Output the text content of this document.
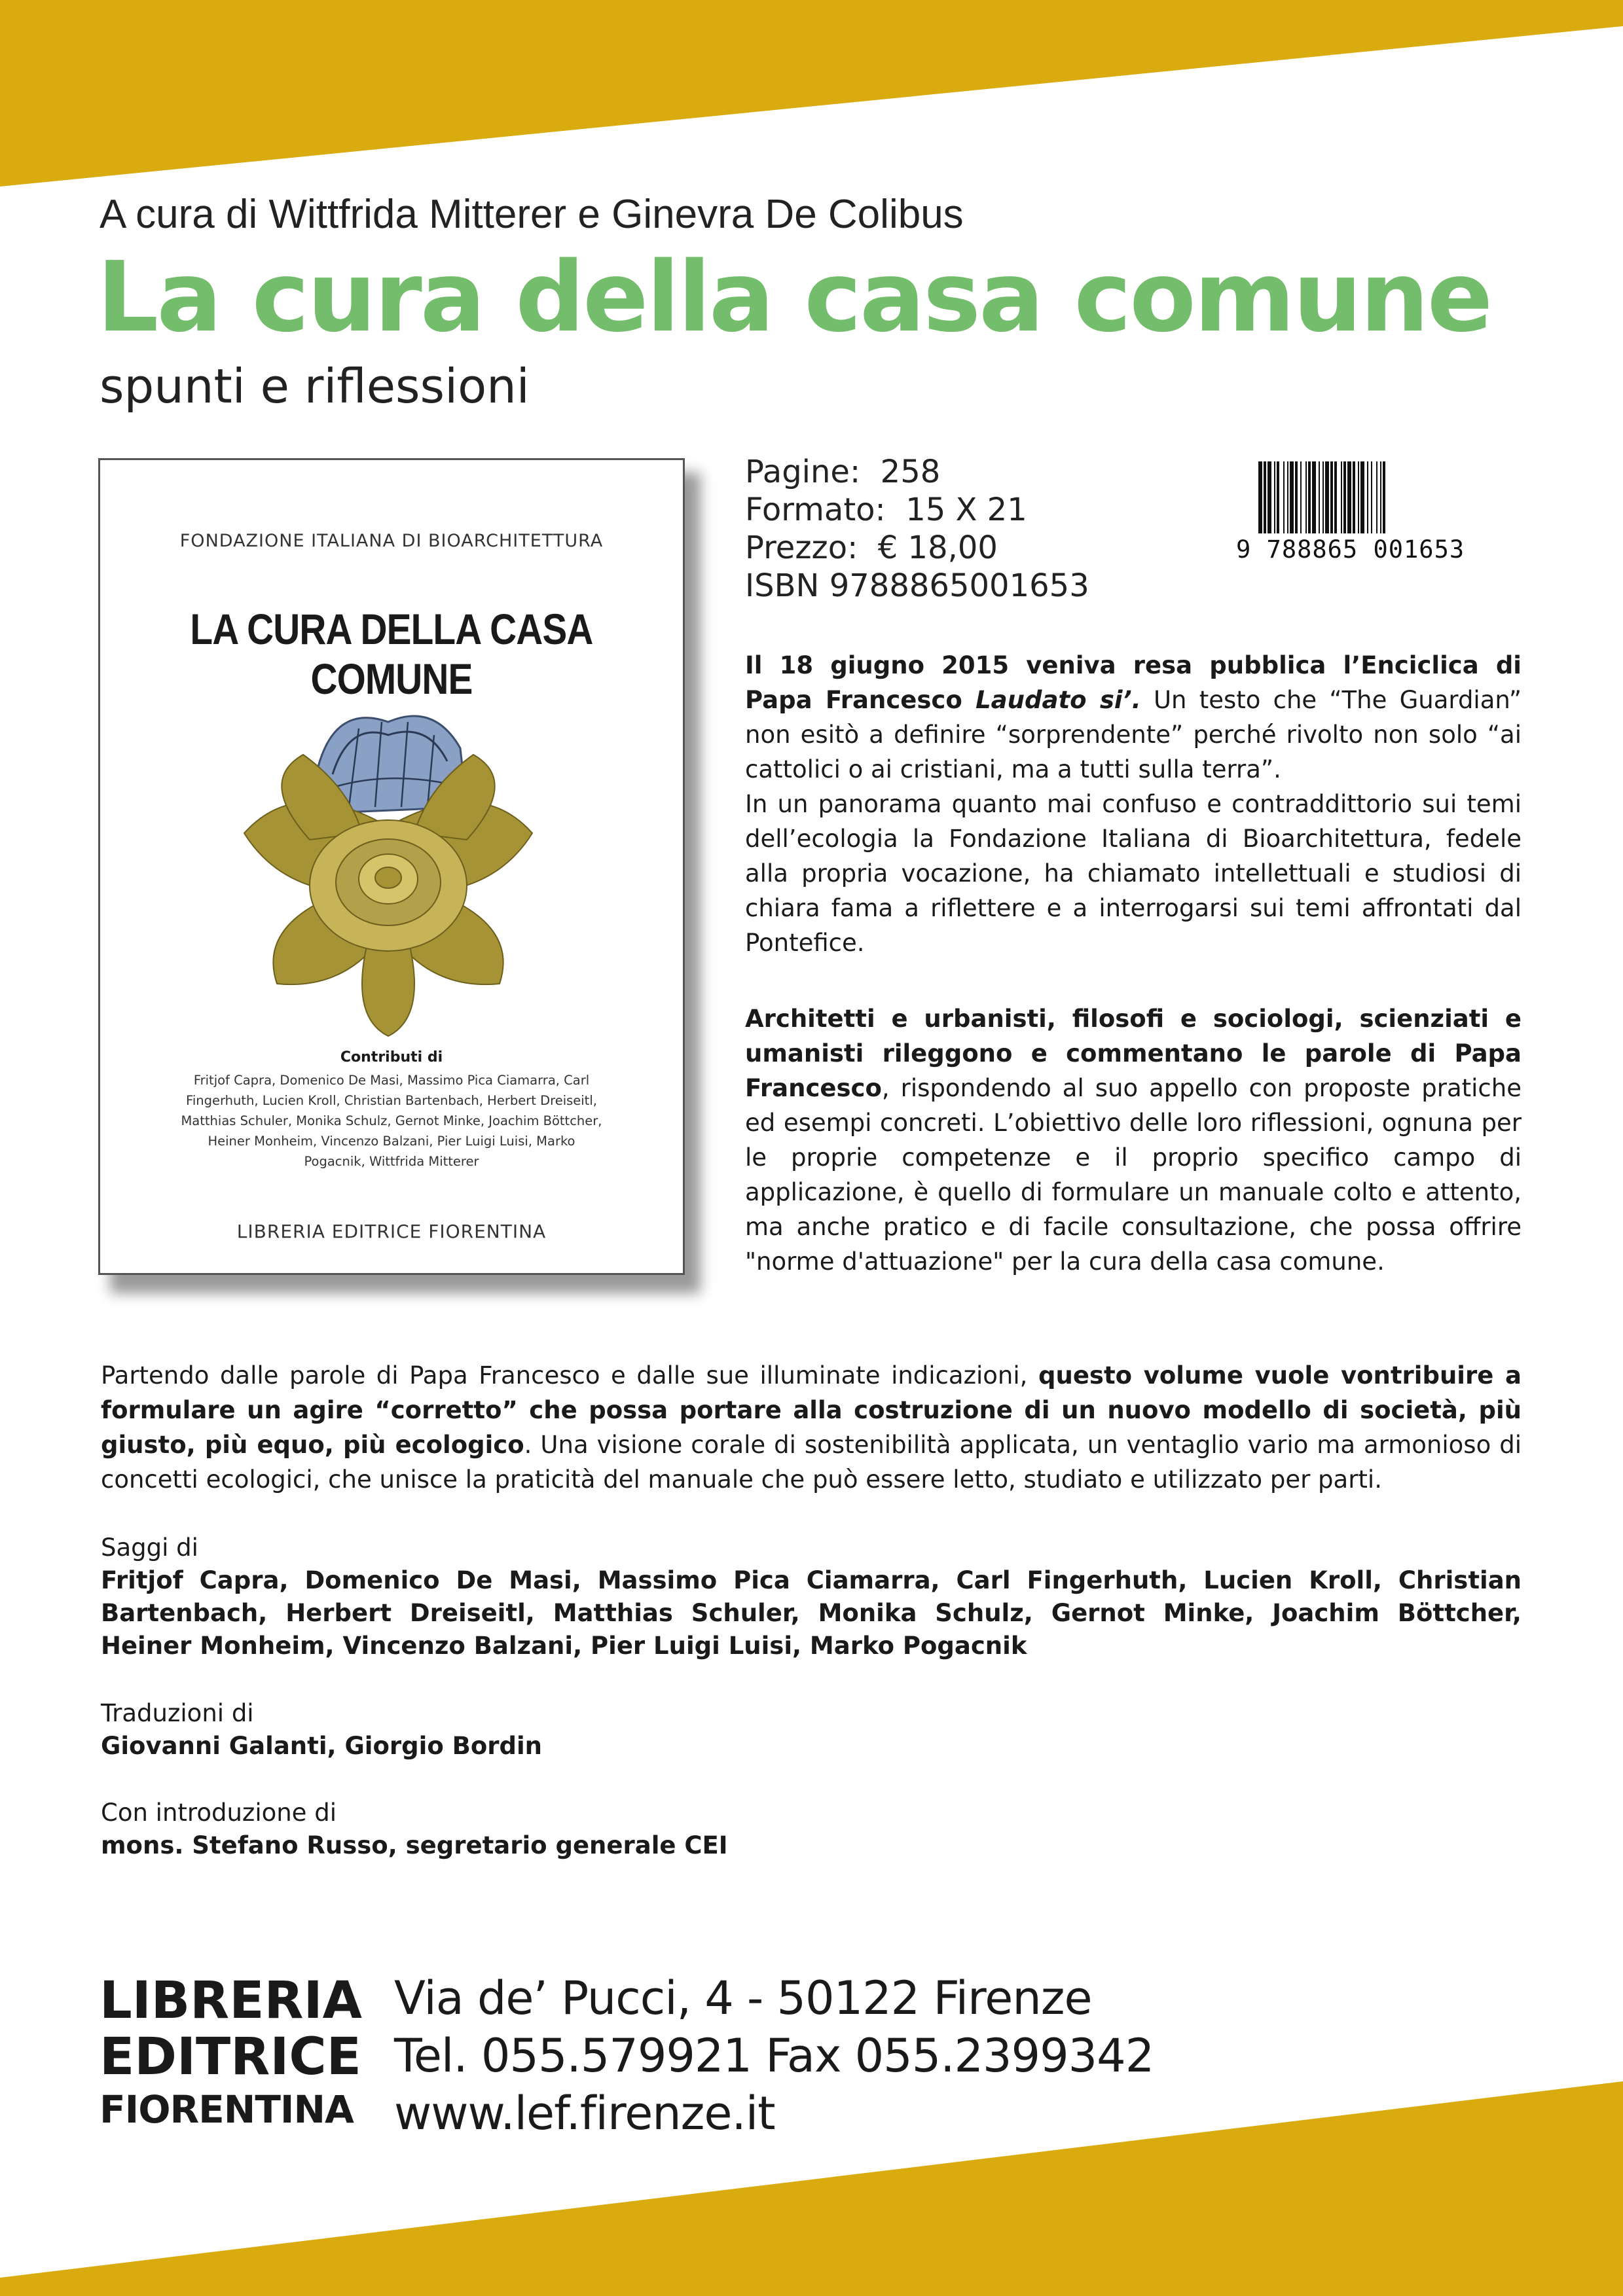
A cura di Wittfrida Mitterer e Ginevra De Colibus
La cura della casa comune
spunti e riflessioni
FONDAZIONE ITALIANA DI BIOARCHITETTURA
LA CURA DELLA CASA COMUNE
Contributi di
Fritjof Capra, Domenico De Masi, Massimo Pica Ciamarra, Carl Fingerhuth, Lucien Kroll, Christian Bartenbach, Herbert Dreiseitl, Matthias Schuler, Monika Schulz, Gernot Minke, Joachim Böttcher, Heiner Monheim, Vincenzo Balzani, Pier Luigi Luisi, Marko Pogacnik, Wittfrida Mitterer
LIBRERIA EDITRICE FIORENTINA
Pagine:  258
Formato:  15 X 21
Prezzo:  € 18,00
ISBN 9788865001653
9 788865 001653
Il 18 giugno 2015 veniva resa pubblica l’Enciclica di Papa Francesco Laudato si’. Un testo che “The Guardian” non esitò a definire “sorprendente” perché rivolto non solo “ai cattolici o ai cristiani, ma a tutti sulla terra”.
In un panorama quanto mai confuso e contraddittorio sui temi dell’ecologia la Fondazione Italiana di Bioarchitettura, fedele alla propria vocazione, ha chiamato intellettuali e studiosi di chiara fama a riflettere e a interrogarsi sui temi affrontati dal Pontefice.
Architetti e urbanisti, filosofi e sociologi, scienziati e umanisti rileggono e commentano le parole di Papa Francesco, rispondendo al suo appello con proposte pratiche ed esempi concreti. L’obiettivo delle loro riflessioni, ognuna per le proprie competenze e il proprio specifico campo di applicazione, è quello di formulare un manuale colto e attento, ma anche pratico e di facile consultazione, che possa offrire "norme d'attuazione" per la cura della casa comune.
Partendo dalle parole di Papa Francesco e dalle sue illuminate indicazioni, questo volume vuole vontribuire a formulare un agire “corretto” che possa portare alla costruzione di un nuovo modello di società, più giusto, più equo, più ecologico. Una visione corale di sostenibilità applicata, un ventaglio vario ma armonioso di concetti ecologici, che unisce la praticità del manuale che può essere letto, studiato e utilizzato per parti.
Saggi di
Fritjof Capra, Domenico De Masi, Massimo Pica Ciamarra, Carl Fingerhuth, Lucien Kroll, Christian Bartenbach, Herbert Dreiseitl, Matthias Schuler, Monika Schulz, Gernot Minke, Joachim Böttcher, Heiner Monheim, Vincenzo Balzani, Pier Luigi Luisi, Marko Pogacnik
Traduzioni di
Giovanni Galanti, Giorgio Bordin
Con introduzione di
mons. Stefano Russo, segretario generale CEI
LIBRERIA
EDITRICE
FIORENTINA
Via de’ Pucci, 4 - 50122 Firenze
Tel. 055.579921 Fax 055.2399342
www.lef.firenze.it
